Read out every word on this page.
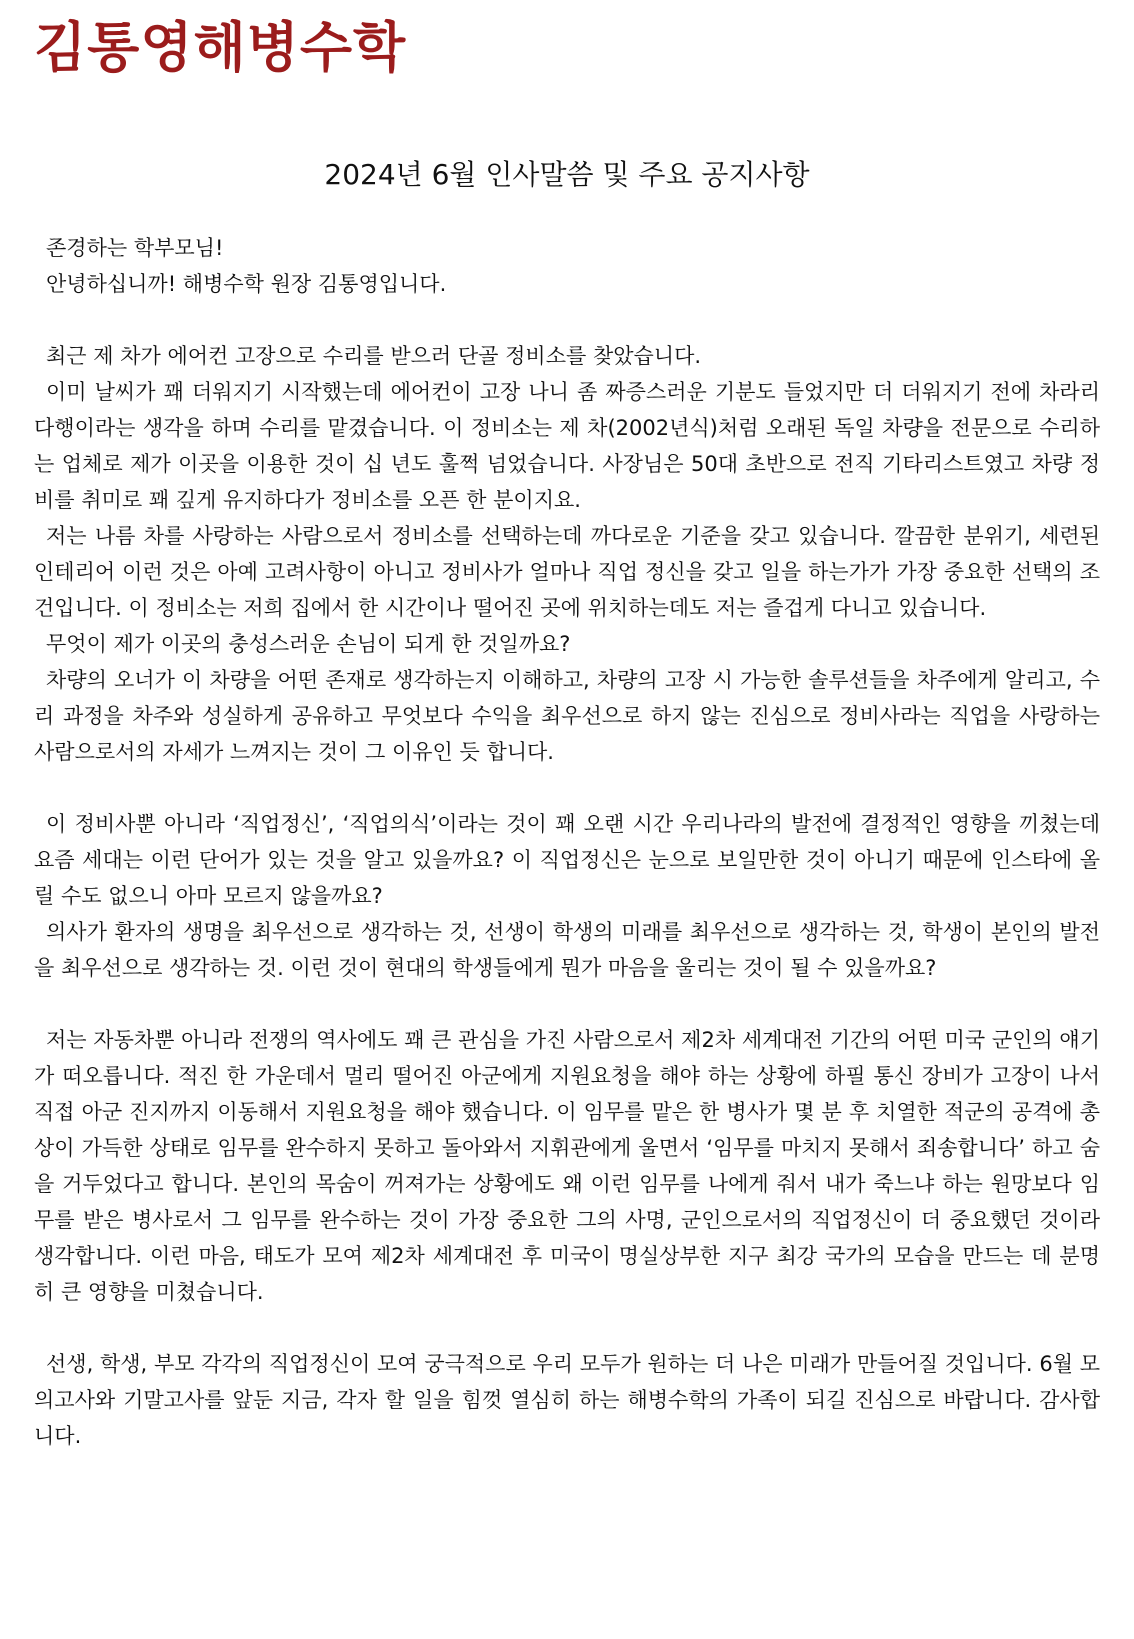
김통영해병수학
2024년 6월 인사말씀 및 주요 공지사항

존경하는 학부모님!

안녕하십니까! 해병수학 원장 김통영입니다.

최근 제 차가 에어컨 고장으로 수리를 받으러 단골 정비소를 찾았습니다.

이미 날씨가 꽤 더워지기 시작했는데 에어컨이 고장 나니 좀 짜증스러운 기분도 들었지만 더 더워지기 전에 차라리 다행이라는 생각을 하며 수리를 맡겼습니다. 이 정비소는 제 차(2002년식)처럼 오래된 독일 차량을 전문으로 수리하는 업체로 제가 이곳을 이용한 것이 십 년도 훌쩍 넘었습니다. 사장님은 50대 초반으로 전직 기타리스트였고 차량 정비를 취미로 꽤 깊게 유지하다가 정비소를 오픈 한 분이지요.

저는 나름 차를 사랑하는 사람으로서 정비소를 선택하는데 까다로운 기준을 갖고 있습니다. 깔끔한 분위기, 세련된 인테리어 이런 것은 아예 고려사항이 아니고 정비사가 얼마나 직업 정신을 갖고 일을 하는가가 가장 중요한 선택의 조건입니다. 이 정비소는 저희 집에서 한 시간이나 떨어진 곳에 위치하는데도 저는 즐겁게 다니고 있습니다.

무엇이 제가 이곳의 충성스러운 손님이 되게 한 것일까요?

차량의 오너가 이 차량을 어떤 존재로 생각하는지 이해하고, 차량의 고장 시 가능한 솔루션들을 차주에게 알리고, 수리 과정을 차주와 성실하게 공유하고 무엇보다 수익을 최우선으로 하지 않는 진심으로 정비사라는 직업을 사랑하는 사람으로서의 자세가 느껴지는 것이 그 이유인 듯 합니다.

이 정비사뿐 아니라 ‘직업정신’, ‘직업의식’이라는 것이 꽤 오랜 시간 우리나라의 발전에 결정적인 영향을 끼쳤는데 요즘 세대는 이런 단어가 있는 것을 알고 있을까요? 이 직업정신은 눈으로 보일만한 것이 아니기 때문에 인스타에 올릴 수도 없으니 아마 모르지 않을까요?

의사가 환자의 생명을 최우선으로 생각하는 것, 선생이 학생의 미래를 최우선으로 생각하는 것, 학생이 본인의 발전을 최우선으로 생각하는 것. 이런 것이 현대의 학생들에게 뭔가 마음을 울리는 것이 될 수 있을까요?

저는 자동차뿐 아니라 전쟁의 역사에도 꽤 큰 관심을 가진 사람으로서 제2차 세계대전 기간의 어떤 미국 군인의 얘기가 떠오릅니다. 적진 한 가운데서 멀리 떨어진 아군에게 지원요청을 해야 하는 상황에 하필 통신 장비가 고장이 나서 직접 아군 진지까지 이동해서 지원요청을 해야 했습니다. 이 임무를 맡은 한 병사가 몇 분 후 치열한 적군의 공격에 총상이 가득한 상태로 임무를 완수하지 못하고 돌아와서 지휘관에게 울면서 ‘임무를 마치지 못해서 죄송합니다’ 하고 숨을 거두었다고 합니다. 본인의 목숨이 꺼져가는 상황에도 왜 이런 임무를 나에게 줘서 내가 죽느냐 하는 원망보다 임무를 받은 병사로서 그 임무를 완수하는 것이 가장 중요한 그의 사명, 군인으로서의 직업정신이 더 중요했던 것이라 생각합니다. 이런 마음, 태도가 모여 제2차 세계대전 후 미국이 명실상부한 지구 최강 국가의 모습을 만드는 데 분명히 큰 영향을 미쳤습니다.

선생, 학생, 부모 각각의 직업정신이 모여 궁극적으로 우리 모두가 원하는 더 나은 미래가 만들어질 것입니다. 6월 모의고사와 기말고사를 앞둔 지금, 각자 할 일을 힘껏 열심히 하는 해병수학의 가족이 되길 진심으로 바랍니다. 감사합니다.
